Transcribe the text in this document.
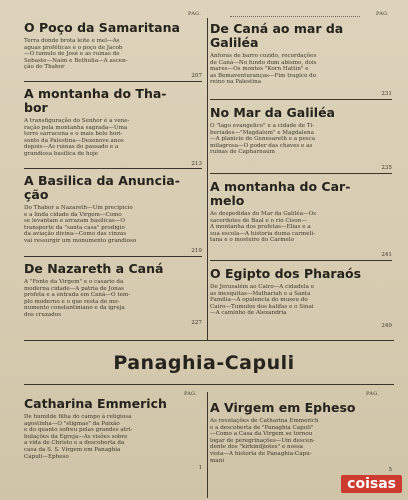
PAG.	PAG.
O Poço da Samaritana
Terra donde brota leite e mel—As
aguas proféticas e o poço de Jacob
—O tumulo de José e as ruinas de
Sebaste—Naim e Bethulia—A ascen-
ção do Thabor
207
A montanha do Tha-
bor
A transfiguração do Senhor é a vene-
ração pela montanha sagrada—Uma
torre sarracena e o mais belo hori-
sonte da Palestina—Dezenove anos
depois—As ruinas do passado e a
grandiosa basilica de hoje
213
A Basilica da Anuncia-
ção
Do Thabor a Nazareth—Um precipicio
e a linda cidade da Virgem—Como
se levantam e arrazam basilicas—O
transporte da "santa casa" prodigio
da aviação divina—Como das cinzas
vai ressurgir um monumento grandioso
219
De Nazareth a Caná
A "Fonte da Virgem" e o casario da
moderna cidade—A patria de Jonas
profeta e a entrada em Caná—O tem-
plo moderno e o que resta do mo-
numento constantiniano e da igreja
dos cruzados
227
De Caná ao mar da
Galiléa
Anforas de barro cozido, recordações
de Caná—No fundo dum abismo, dois
mares—Os montes "Korn Hattin" e
as Bemaventuranças—Fim tragico do
reino na Palestina
231
No Mar da Galiléa
O "lago evangelico" e a cidade de Ti-
beriades—"Magdalum" e Magdalena
—A planicie de Genesareth e a pesca
milagrosa—O poder das chaves e as
ruinas de Capharnaum
235
A montanha do Car-
melo
As despedidas do Mar da Galiléa—Os
sacerdotes de Baal e o rio Cison—
A montanha dos profetas—Elias e a
sua escola—A historia duma carmeli-
tana e o mosteiro do Carmelo
241
O Egipto dos Pharaós
De Jerusalém ao Cairo—A cidadela e
as mesquitas—Mathariah e a Santa
Familia—A opulencia do museu do
Cairo—Tumulos dos kalifas e o Sinai
—A caminho de Alexandria
249
Panaghia-Capuli
PAG.	PAG.
Catharina Emmerich
De humilde filha do campo à religiosa
agostinha—O "stigmas" da Paixão
e do quanto sofreu pelas grandes atri-
bulações da Egreja—As visões sobre
a vida de Christo e a descoberta da
casa da S. S. Virgem em Panaghia
Capuli—Epheso
1
A Virgem em Epheso
As revelações de Catharina Emmerich
e a descoberta de "Panaghia Capuli"
—Como a Casa da Virgem se tornou
logar de peregrinações—Um descen-
dente dos "kirkindjiotes" e nossa
vista—A historia de Panaghia-Capu-
mani
5
coisas
